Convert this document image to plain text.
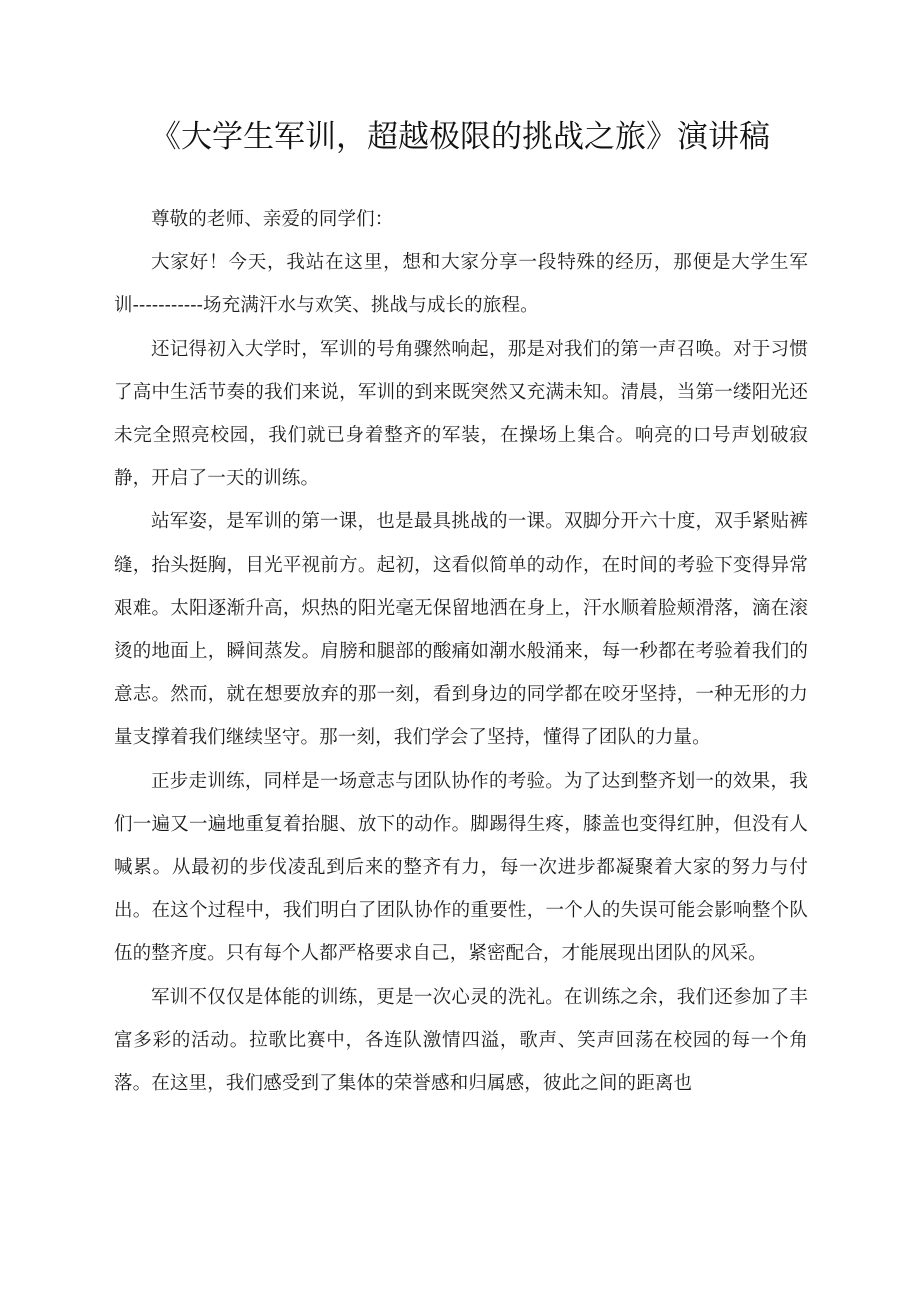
《大学生军训，超越极限的挑战之旅》演讲稿

尊敬的老师、亲爱的同学们：

大家好！今天，我站在这里，想和大家分享一段特殊的经历，那便是大学生军训-----------场充满汗水与欢笑、挑战与成长的旅程。

还记得初入大学时，军训的号角骤然响起，那是对我们的第一声召唤。对于习惯了高中生活节奏的我们来说，军训的到来既突然又充满未知。清晨，当第一缕阳光还未完全照亮校园，我们就已身着整齐的军装，在操场上集合。响亮的口号声划破寂静，开启了一天的训练。

站军姿，是军训的第一课，也是最具挑战的一课。双脚分开六十度，双手紧贴裤缝，抬头挺胸，目光平视前方。起初，这看似简单的动作，在时间的考验下变得异常艰难。太阳逐渐升高，炽热的阳光毫无保留地洒在身上，汗水顺着脸颊滑落，滴在滚烫的地面上，瞬间蒸发。肩膀和腿部的酸痛如潮水般涌来，每一秒都在考验着我们的意志。然而，就在想要放弃的那一刻，看到身边的同学都在咬牙坚持，一种无形的力量支撑着我们继续坚守。那一刻，我们学会了坚持，懂得了团队的力量。

正步走训练，同样是一场意志与团队协作的考验。为了达到整齐划一的效果，我们一遍又一遍地重复着抬腿、放下的动作。脚踢得生疼，膝盖也变得红肿，但没有人喊累。从最初的步伐凌乱到后来的整齐有力，每一次进步都凝聚着大家的努力与付出。在这个过程中，我们明白了团队协作的重要性，一个人的失误可能会影响整个队伍的整齐度。只有每个人都严格要求自己，紧密配合，才能展现出团队的风采。

军训不仅仅是体能的训练，更是一次心灵的洗礼。在训练之余，我们还参加了丰富多彩的活动。拉歌比赛中，各连队激情四溢，歌声、笑声回荡在校园的每一个角落。在这里，我们感受到了集体的荣誉感和归属感，彼此之间的距离也
